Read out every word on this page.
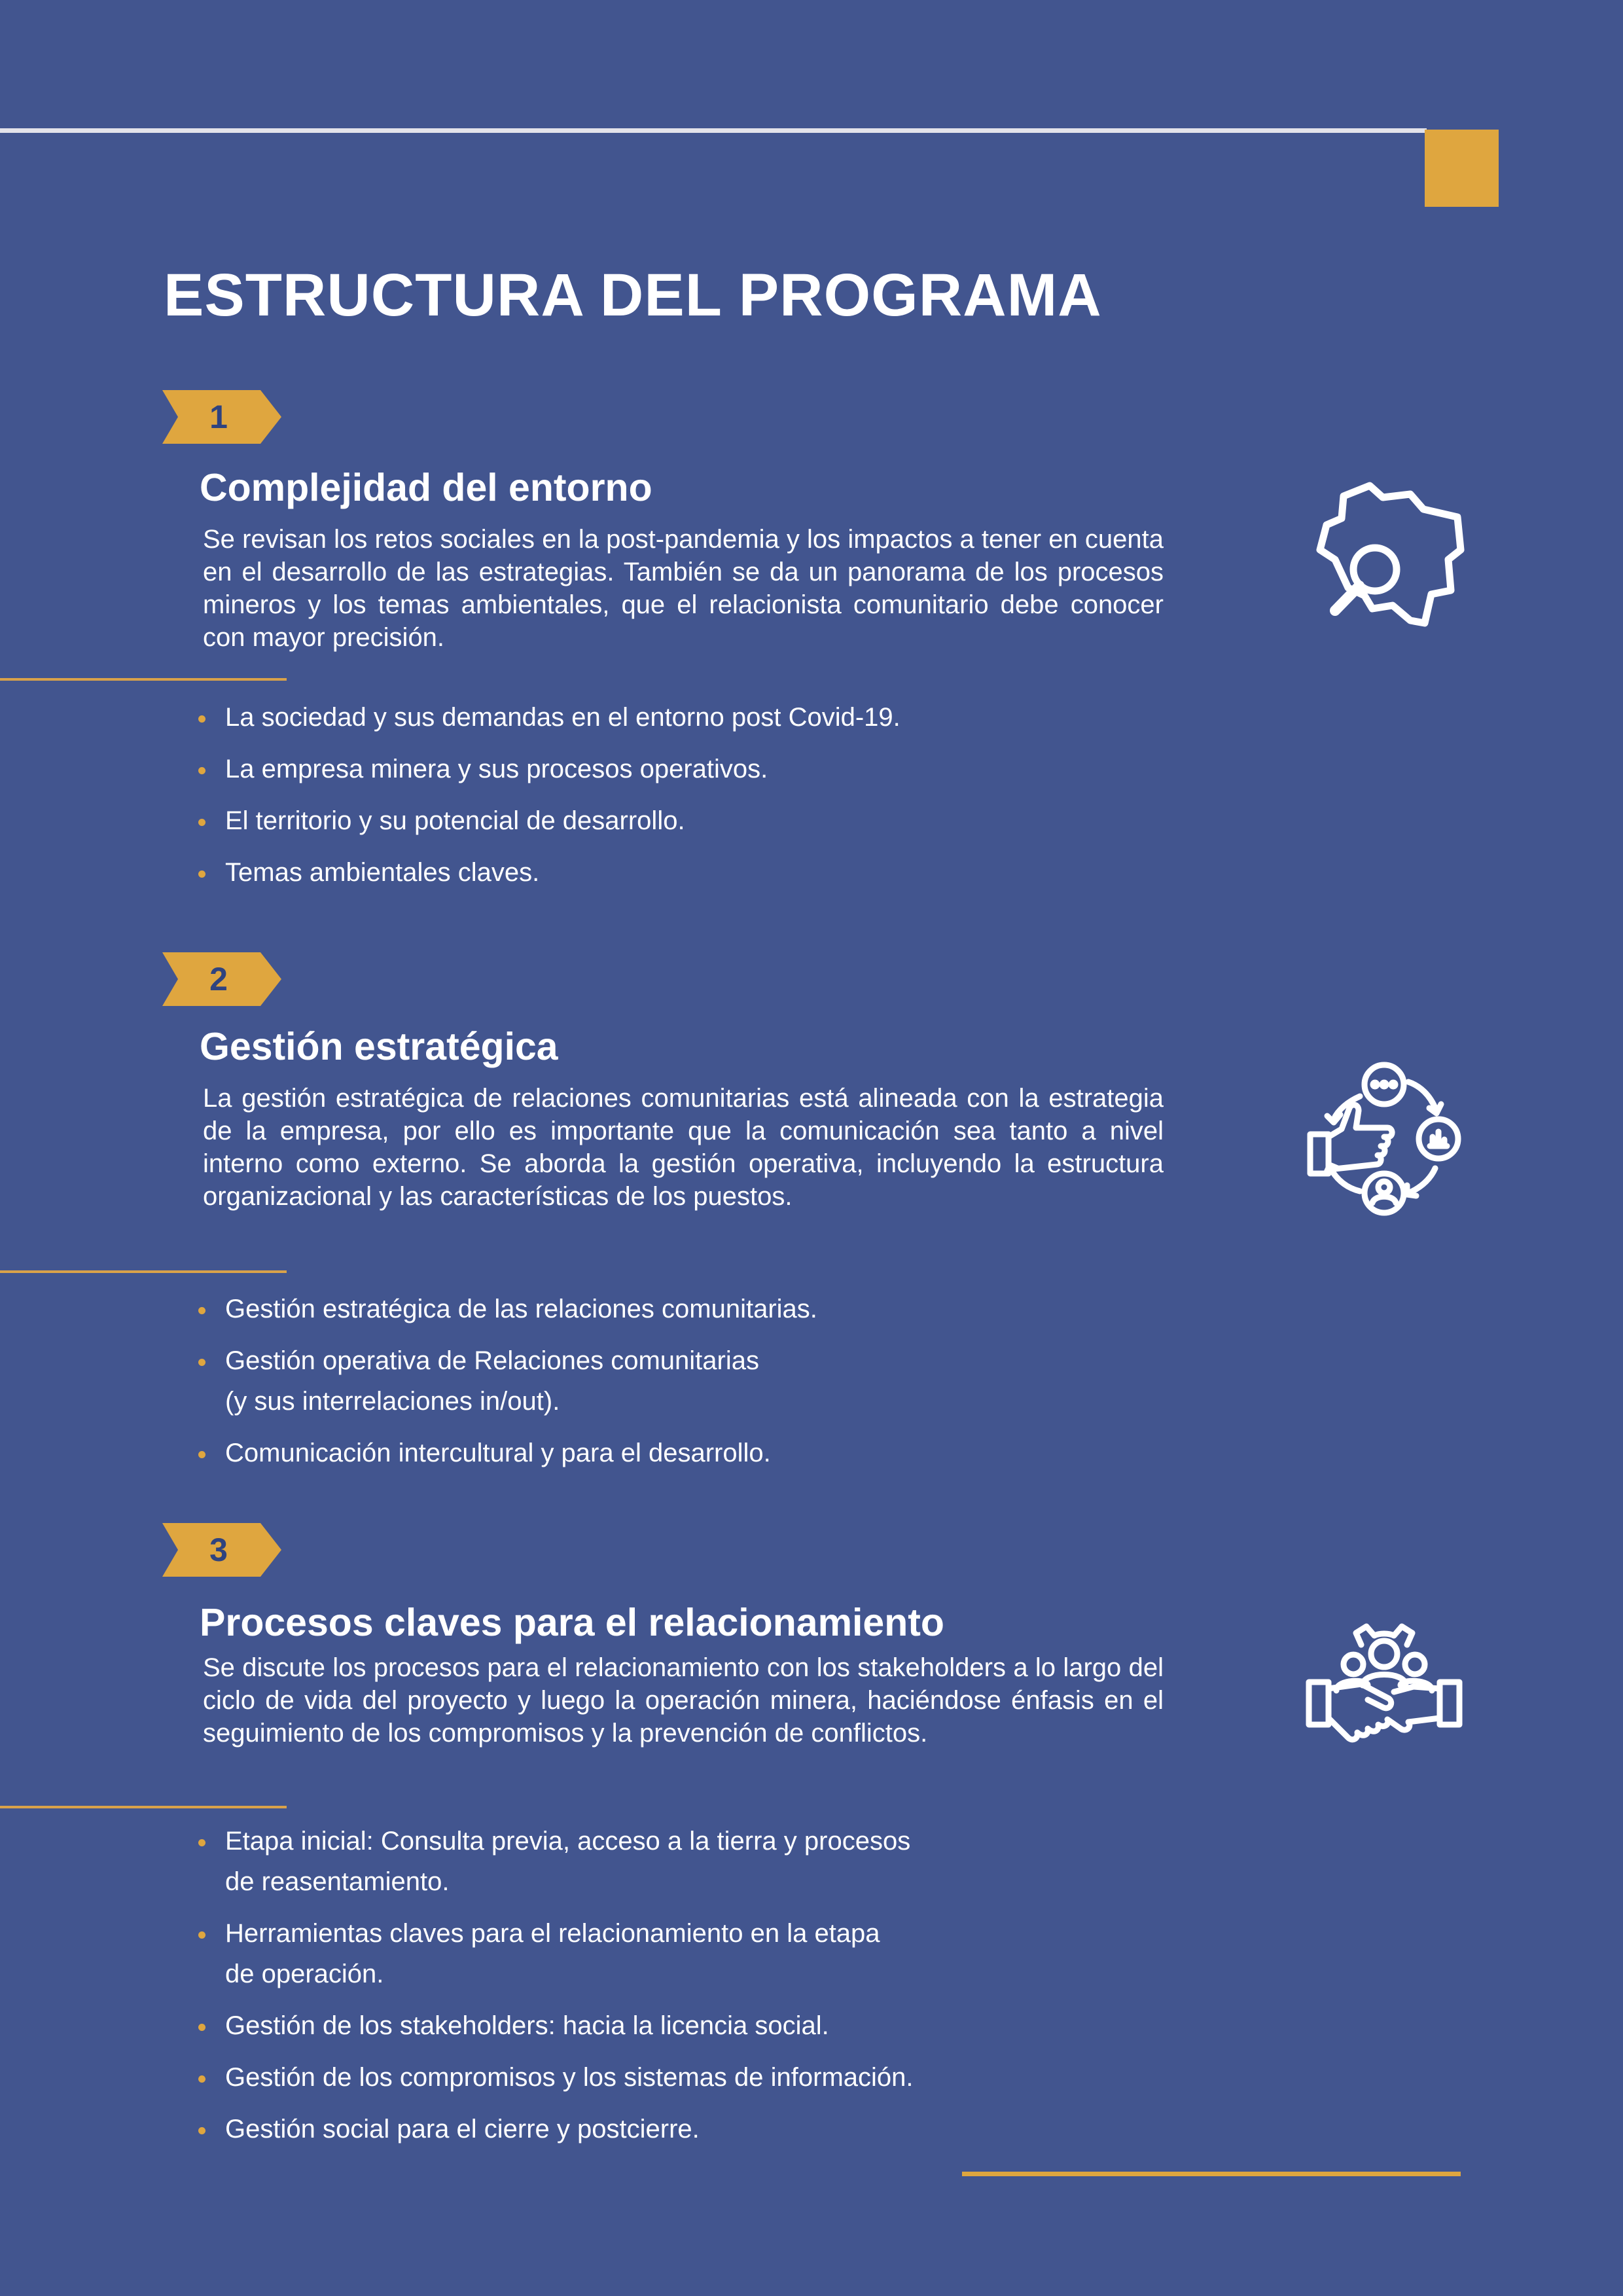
ESTRUCTURA DEL PROGRAMA
1
Complejidad del entorno

Se revisan los retos sociales en la post-pandemia y los impactos a tener en cuenta en el desarrollo de las estrategias. También se da un panorama de los procesos mineros y los temas ambientales, que el relacionista comunitario debe conocer con mayor precisión.

La sociedad y sus demandas en el entorno post Covid-19.
La empresa minera y sus procesos operativos.
El territorio y su potencial de desarrollo.
Temas ambientales claves.
2
Gestión estratégica

La gestión estratégica de relaciones comunitarias está alineada con la estrategia de la empresa, por ello es importante que la comunicación sea tanto a nivel interno como externo. Se aborda la gestión operativa, incluyendo la estructura organizacional y las características de los puestos.

Gestión estratégica de las relaciones comunitarias.
Gestión operativa de Relaciones comunitarias
(y sus interrelaciones in/out).
Comunicación intercultural y para el desarrollo.
3
Procesos claves para el relacionamiento

Se discute los procesos para el relacionamiento con los stakeholders a lo largo del ciclo de vida del proyecto y luego la operación minera, haciéndose énfasis en el seguimiento de los compromisos y la prevención de conflictos.

Etapa inicial: Consulta previa, acceso a la tierra y procesos
de reasentamiento.
Herramientas claves para el relacionamiento en la etapa
de operación.
Gestión de los stakeholders: hacia la licencia social.
Gestión de los compromisos y los sistemas de información.
Gestión social para el cierre y postcierre.
